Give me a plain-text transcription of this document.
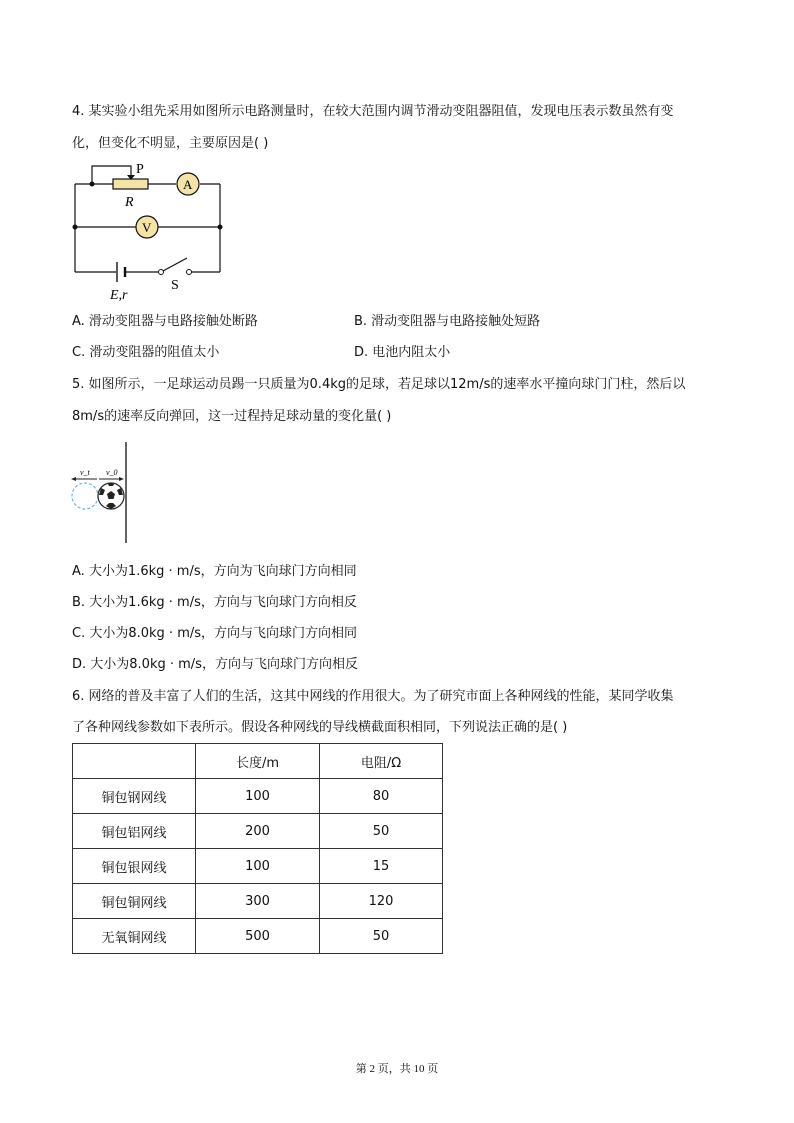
4. 某实验小组先采用如图所示电路测量时，在较大范围内调节滑动变阻器阻值，发现电压表示数虽然有变
化，但变化不明显，主要原因是( )
P
R
A
V
S
E,r
A. 滑动变阻器与电路接触处断路	B. 滑动变阻器与电路接触处短路
C. 滑动变阻器的阻值太小	D. 电池内阻太小
5. 如图所示，一足球运动员踢一只质量为0.4kg的足球，若足球以12m/s的速率水平撞向球门门柱，然后以
8m/s的速率反向弹回，这一过程持足球动量的变化量( )
v_t v_0
A. 大小为1.6kg · m/s，方向为飞向球门方向相同
B. 大小为1.6kg · m/s，方向与飞向球门方向相反
C. 大小为8.0kg · m/s，方向与飞向球门方向相同
D. 大小为8.0kg · m/s，方向与飞向球门方向相反
6. 网络的普及丰富了人们的生活，这其中网线的作用很大。为了研究市面上各种网线的性能，某同学收集
了各种网线参数如下表所示。假设各种网线的导线横截面积相同，下列说法正确的是( )
	长度/m	电阻/Ω
铜包钢网线	100	80
铜包铝网线	200	50
铜包银网线	100	15
铜包铜网线	300	120
无氧铜网线	500	50
第 2 页，共 10 页
